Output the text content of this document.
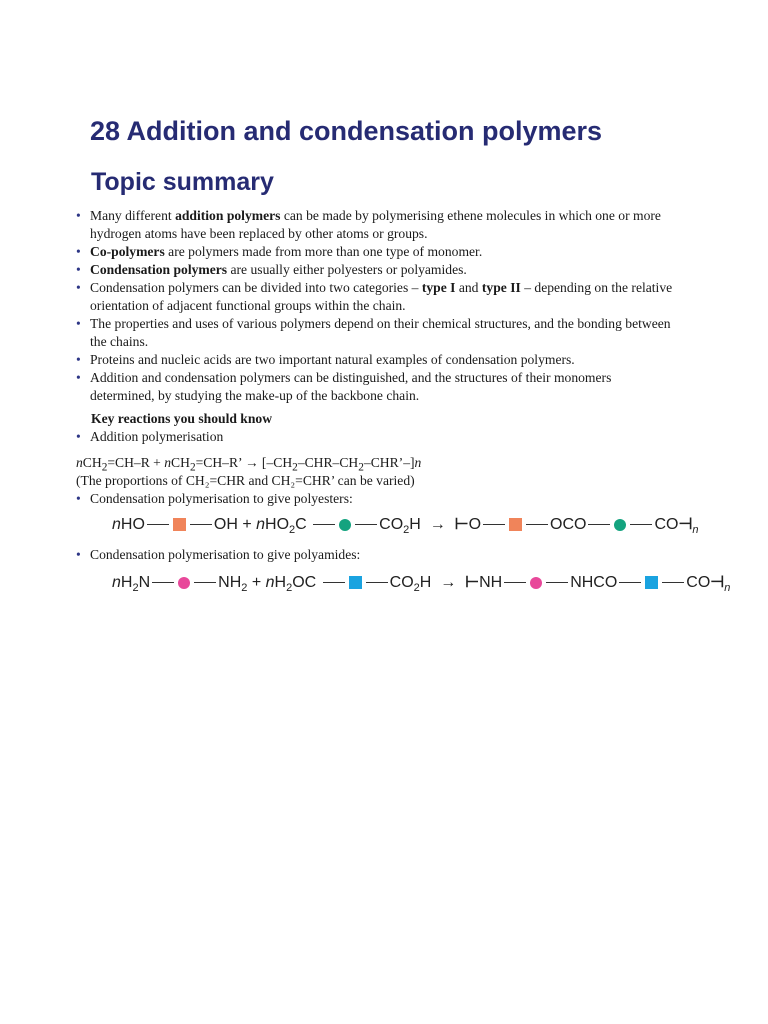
28 Addition and condensation polymers
Topic summary
• Many different addition polymers can be made by polymerising ethene molecules in which one or more hydrogen atoms have been replaced by other atoms or groups.
• Co-polymers are polymers made from more than one type of monomer.
• Condensation polymers are usually either polyesters or polyamides.
• Condensation polymers can be divided into two categories – type I and type II – depending on the relative orientation of adjacent functional groups within the chain.
• The properties and uses of various polymers depend on their chemical structures, and the bonding between the chains.
• Proteins and nucleic acids are two important natural examples of condensation polymers.
• Addition and condensation polymers can be distinguished, and the structures of their monomers determined, by studying the make-up of the backbone chain.
Key reactions you should know
• Addition polymerisation
nCH$_2$=CH–R + nCH$_2$=CH–R’ → $[-CH_2-CHR-CH_2-CHR’-]n$
(The proportions of CH₂=CHR and CH₂=CHR’ can be varied)
• Condensation polymerisation to give polyesters:
nHO	OH + nHO$_2$C	$CO_2H$  →  ⊢O	OCO	$CO⊣_n$
• Condensation polymerisation to give polyamides:
$nH_2N$	$NH_2 + nH_2OC$	$CO_2H$  →  ⊢NH	NHCO	$CO⊣_n$
